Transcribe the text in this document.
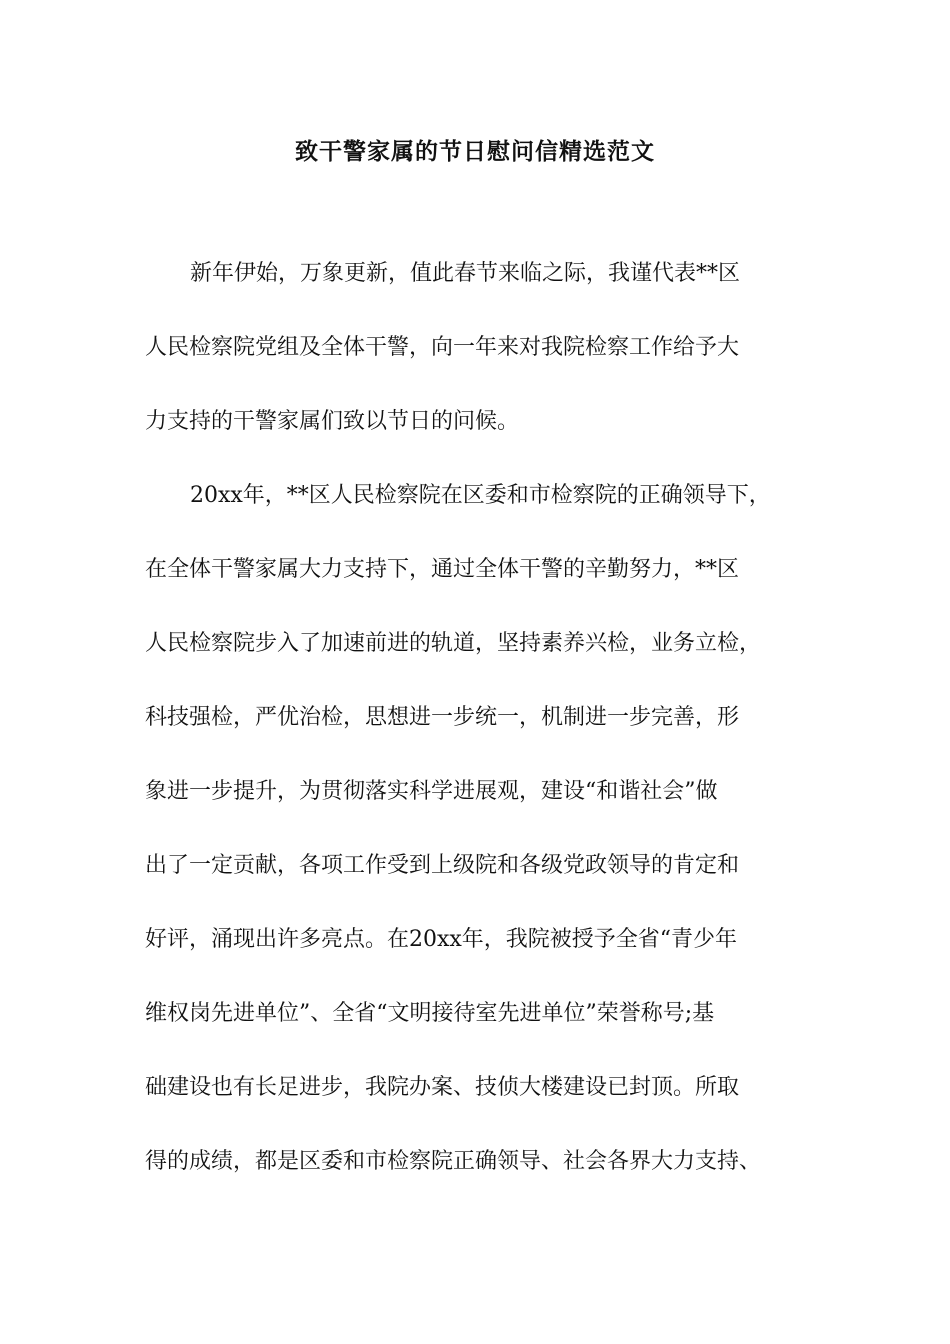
致干警家属的节日慰问信精选范文

新年伊始，万象更新，值此春节来临之际，我谨代表**区

人民检察院党组及全体干警，向一年来对我院检察工作给予大

力支持的干警家属们致以节日的问候。

20xx年，**区人民检察院在区委和市检察院的正确领导下，

在全体干警家属大力支持下，通过全体干警的辛勤努力，**区

人民检察院步入了加速前进的轨道，坚持素养兴检，业务立检，

科技强检，严优治检，思想进一步统一，机制进一步完善，形

象进一步提升，为贯彻落实科学进展观，建设“和谐社会”做

出了一定贡献，各项工作受到上级院和各级党政领导的肯定和

好评，涌现出许多亮点。在20xx年，我院被授予全省“青少年

维权岗先进单位”、全省“文明接待室先进单位”荣誉称号;基

础建设也有长足进步，我院办案、技侦大楼建设已封顶。所取

得的成绩，都是区委和市检察院正确领导、社会各界大力支持、
